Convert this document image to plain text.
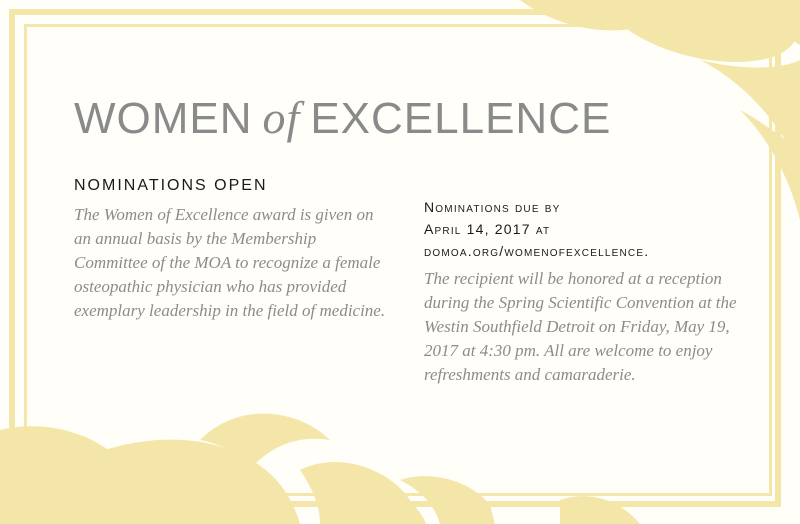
WOMEN of EXCELLENCE
NOMINATIONS OPEN
The Women of Excellence award is given on an annual basis by the Membership Committee of the MOA to recognize a female osteopathic physician who has provided exemplary leadership in the field of medicine.
Nominations due by
April 14, 2017 at
domoa.org/womenofexcellence.
The recipient will be honored at a reception during the Spring Scientific Convention at the Westin Southfield Detroit on Friday, May 19, 2017 at 4:30 pm. All are welcome to enjoy refreshments and camaraderie.
